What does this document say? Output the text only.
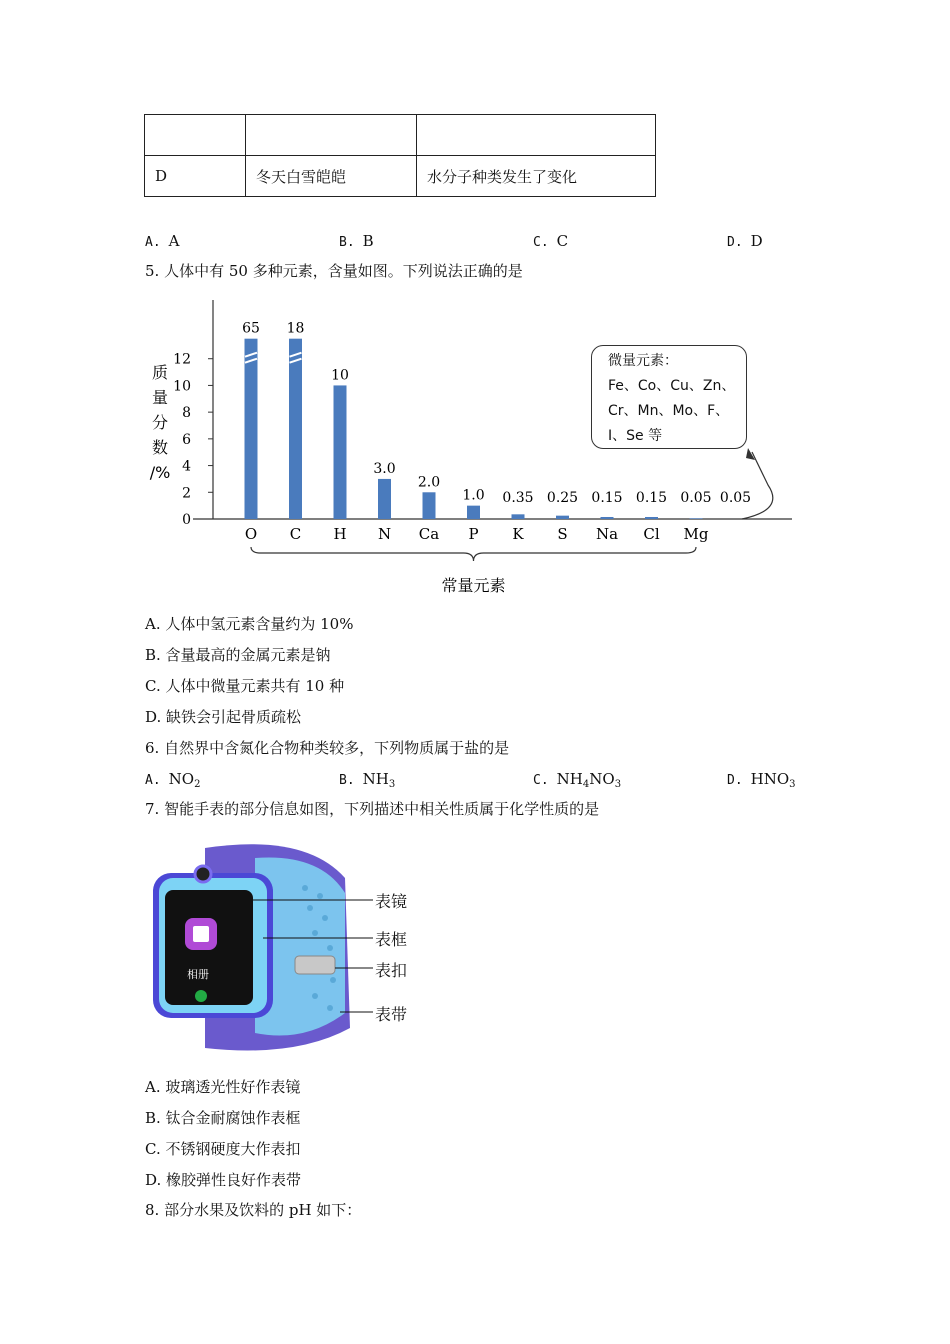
D	冬天白雪皑皑	水分子种类发生了变化
A. A	B. B	C. C	D. D
5. 人体中有 50 多种元素，含量如图。下列说法正确的是
0
2
4
6
8
10
12
质
量
分
数
/%
65
O
18
C
10
H
3.0
N
2.0
Ca
1.0
P
0.35
K
0.25
S
0.15
Na
0.15
Cl
0.05
Mg
0.05
常量元素
微量元素：
Fe、Co、Cu、Zn、
Cr、Mn、Mo、F、
I、Se 等
A. 人体中氢元素含量约为 10%
B. 含量最高的金属元素是钠
C. 人体中微量元素共有 10 种
D. 缺铁会引起骨质疏松
6. 自然界中含氮化合物种类较多，下列物质属于盐的是
A. $NO_2$	B. $NH_3$	C. $NH_4NO_3$	D. $HNO_3$
7. 智能手表的部分信息如图，下列描述中相关性质属于化学性质的是
相册
表镜
表框
表扣
表带
A. 玻璃透光性好作表镜
B. 钛合金耐腐蚀作表框
C. 不锈钢硬度大作表扣
D. 橡胶弹性良好作表带
8. 部分水果及饮料的 pH 如下：
